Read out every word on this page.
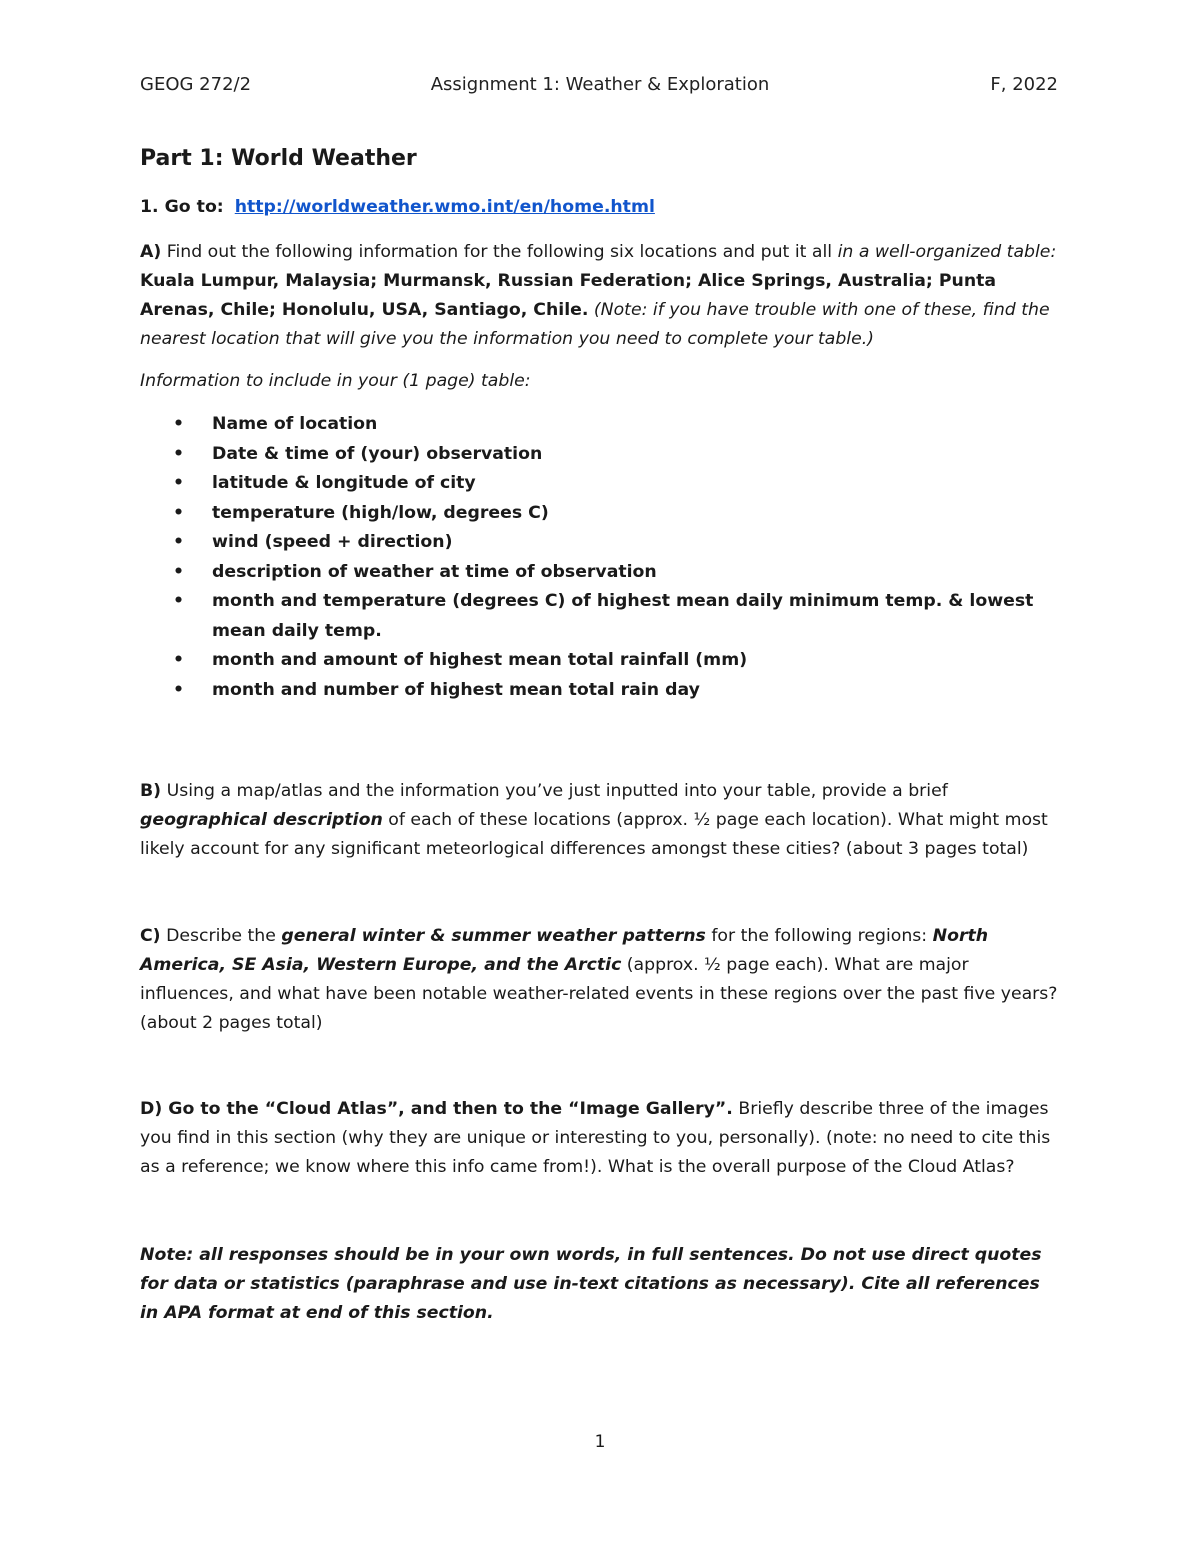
GEOG 272/2	Assignment 1: Weather & Exploration	F, 2022
Part 1: World Weather

1. Go to: http://worldweather.wmo.int/en/home.html

A) Find out the following information for the following six locations and put it all in a well-organized table: Kuala Lumpur, Malaysia; Murmansk, Russian Federation; Alice Springs, Australia; Punta Arenas, Chile; Honolulu, USA, Santiago, Chile. (Note: if you have trouble with one of these, find the nearest location that will give you the information you need to complete your table.)

Information to include in your (1 page) table:

• Name of location
• Date & time of (your) observation
• latitude & longitude of city
• temperature (high/low, degrees C)
• wind (speed + direction)
• description of weather at time of observation
• month and temperature (degrees C) of highest mean daily minimum temp. & lowest mean daily temp.
• month and amount of highest mean total rainfall (mm)
• month and number of highest mean total rain day

B) Using a map/atlas and the information you’ve just inputted into your table, provide a brief geographical description of each of these locations (approx. ½ page each location). What might most likely account for any significant meteorlogical differences amongst these cities? (about 3 pages total)

C) Describe the general winter & summer weather patterns for the following regions: North America, SE Asia, Western Europe, and the Arctic (approx. ½ page each). What are major influences, and what have been notable weather-related events in these regions over the past five years? (about 2 pages total)

D) Go to the “Cloud Atlas”, and then to the “Image Gallery”. Briefly describe three of the images you find in this section (why they are unique or interesting to you, personally). (note: no need to cite this as a reference; we know where this info came from!). What is the overall purpose of the Cloud Atlas?

Note: all responses should be in your own words, in full sentences. Do not use direct quotes for data or statistics (paraphrase and use in-text citations as necessary). Cite all references in APA format at end of this section.

1
